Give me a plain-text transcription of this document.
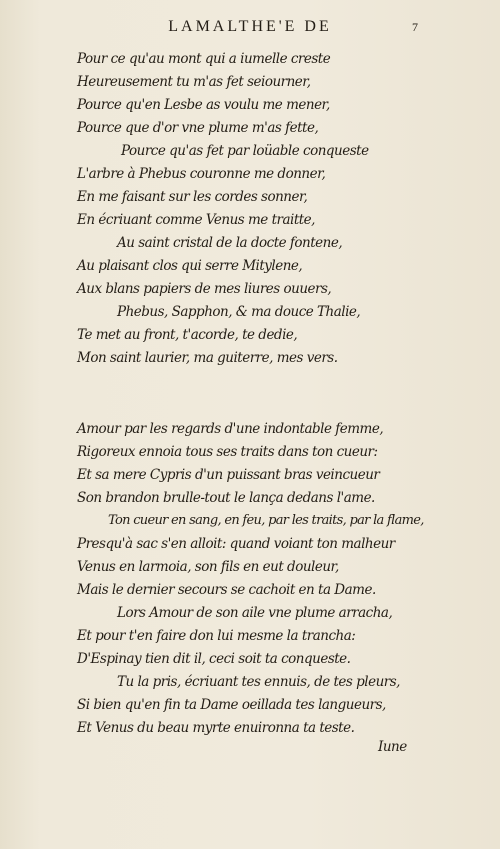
LAMALTHE'E DE	7
Pour ce qu'au mont qui a iumelle creste
Heureusement tu m'as fet seiourner,
Pource qu'en Lesbe as voulu me mener,
Pource que d'or vne plume m'as fette,
Pource qu'as fet par loüable conqueste
L'arbre à Phebus couronne me donner,
En me faisant sur les cordes sonner,
En écriuant comme Venus me traitte,
Au saint cristal de la docte fontene,
Au plaisant clos qui serre Mitylene,
Aux blans papiers de mes liures ouuers,
Phebus, Sapphon, & ma douce Thalie,
Te met au front, t'acorde, te dedie,
Mon saint laurier, ma guiterre, mes vers.
Amour par les regards d'une indontable femme,
Rigoreux ennoia tous ses traits dans ton cueur:
Et sa mere Cypris d'un puissant bras veincueur
Son brandon brulle-tout le lança dedans l'ame.
Ton cueur en sang, en feu, par les traits, par la flame,
Presqu'à sac s'en alloit: quand voiant ton malheur
Venus en larmoia, son fils en eut douleur,
Mais le dernier secours se cachoit en ta Dame.
Lors Amour de son aile vne plume arracha,
Et pour t'en faire don lui mesme la trancha:
D'Espinay tien dit il, ceci soit ta conqueste.
Tu la pris, écriuant tes ennuis, de tes pleurs,
Si bien qu'en fin ta Dame oeillada tes langueurs,
Et Venus du beau myrte enuironna ta teste.
Iune
